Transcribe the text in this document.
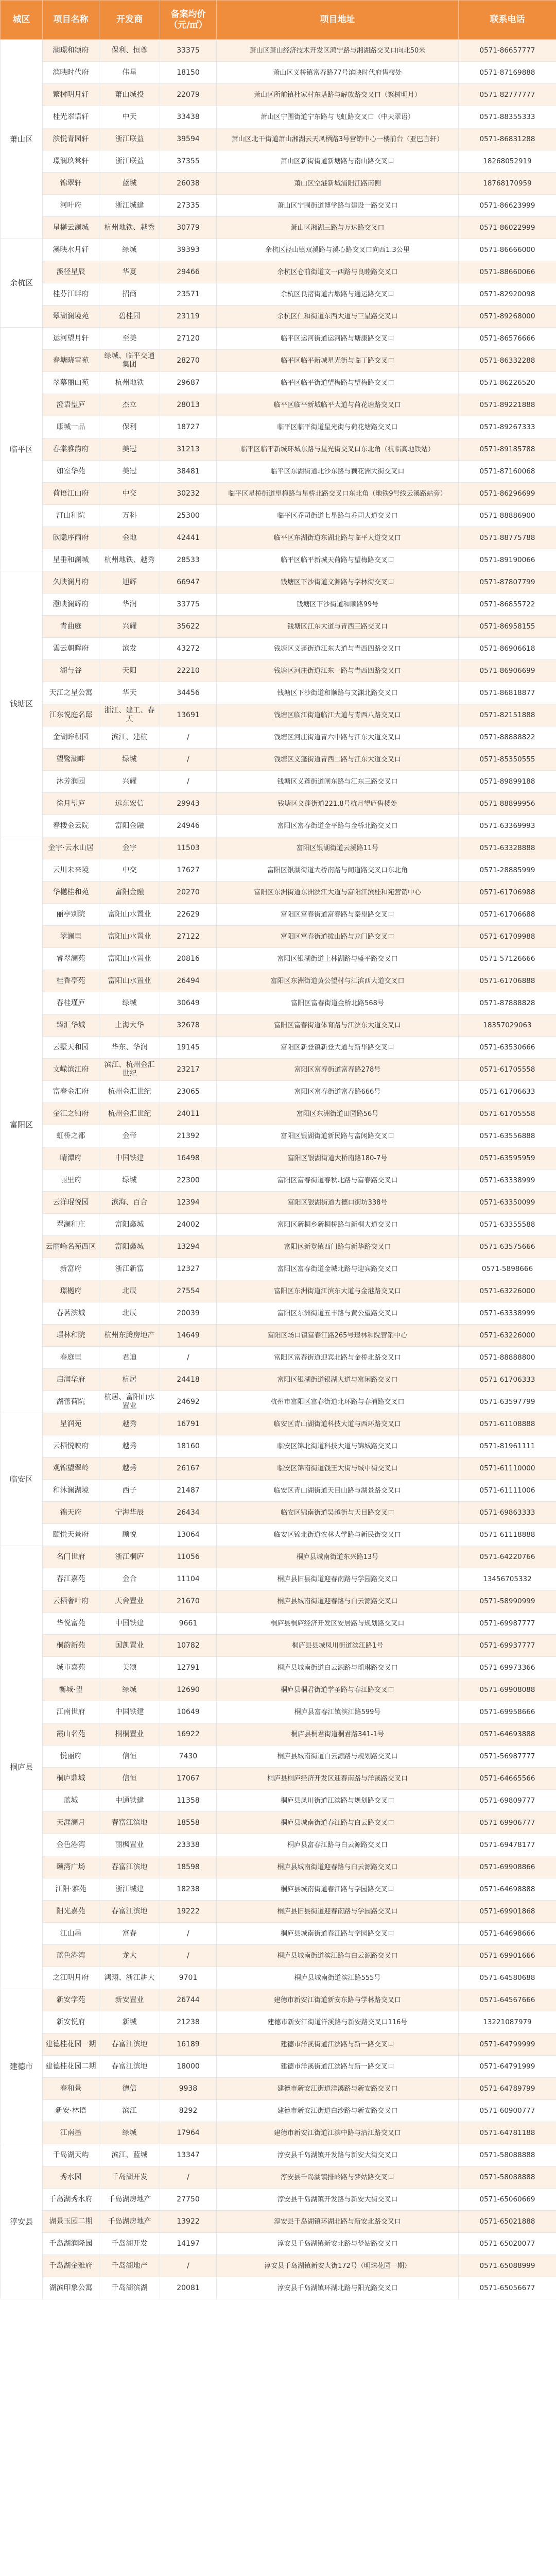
城区	项目名称	开发商	备案均价（元/㎡）	项目地址	联系电话
萧山区	湖璟和颂府	保利、恒尊	33375	萧山区萧山经济技术开发区鸿宁路与湘湖路交叉口向北50米	0571-86657777
	滨映时代府	伟星	18150	萧山区义桥镇富春路77号滨映时代府售楼处	0571-87169888
	繁树明月轩	萧山城投	22079	萧山区所前镇杜家村东塔路与解放路交叉口（繁树明月）	0571-82777777
	桂光翠语轩	中天	33438	萧山区宁围街道宁东路与飞虹路交叉口（中天翠语）	0571-88355333
	滨悦青园轩	浙江联益	39594	萧山区北干街道萧山湘湖云天凤栖路3号营销中心一楼前台（亚巴言轩）	0571-86831288
	璟澜玖棠轩	浙江联益	37355	萧山区新街街道新塘路与南山路交叉口	18268052919
	锦翠轩	蓝城	26038	萧山区空港新城浦阳江路南侧	18768170959
	河叶府	浙江城建	27335	萧山区宁围街道博学路与建设一路交叉口	0571-86623999
	星樾云澜城	杭州地铁、越秀	30779	萧山区湘湖三路与万达路交叉口	0571-86022999
余杭区	溪映水月轩	绿城	39393	余杭区径山镇双溪路与溪心路交叉口向西1.3公里	0571-86666000
	溪径星辰	华夏	29466	余杭区仓前街道文一西路与良睦路交叉口	0571-88660066
	桂芬江畔府	招商	23571	余杭区良渚街道古墩路与通运路交叉口	0571-82920098
	翠湖澜境苑	碧桂园	23119	余杭区仁和街道东西大道与三星路交叉口	0571-89268000
临平区	运河望月轩	至美	27120	临平区运河街道运河路与塘康路交叉口	0571-86576666
	春塘晓雪苑	绿城、临平交通集团	28270	临平区临平新城星光街与临丁路交叉口	0571-86332288
	翠幕丽山苑	杭州地铁	29687	临平区临平街道望梅路与望梅路交叉口	0571-86226520
	澄语望庐	杰立	28013	临平区临平新城临平大道与荷花塘路交叉口	0571-89221888
	康城一品	保利	18727	临平区临平街道星光街与荷花塘路交叉口	0571-89267333
	春棠雅韵府	美冠	31213	临平区临平新城环城东路与星光街交叉口东北角（杭临高地铁站）	0571-89185788
	如室华苑	美冠	38481	临平区东湖街道北沙东路与藕花洲大街交叉口	0571-87160068
	荷语江山府	中交	30232	临平区星桥街道望梅路与星桥北路交叉口东北角（地铁9号线云溪路站旁）	0571-86296699
	汀山和院	万科	25300	临平区乔司街道七星路与乔司大道交叉口	0571-88886900
	欣隐序雨府	金地	42441	临平区东湖街道东湖北路与临平大道交叉口	0571-88775788
	星垂和澜城	杭州地铁、越秀	28533	临平区临平新城天荷路与望梅路交叉口	0571-89190066
钱塘区	久映澜月府	旭辉	66947	钱塘区下沙街道文渊路与学林街交叉口	0571-87807799
	澄映澜辉府	华润	33775	钱塘区下沙街道和顺路99号	0571-86855722
	青曲庭	兴耀	35622	钱塘区江东大道与青西三路交叉口	0571-86958155
	雲云朝晖府	滨发	43272	钱塘区义蓬街道江东大道与青西四路交叉口	0571-86906618
	湖与谷	天阳	22210	钱塘区河庄街道江东一路与青西四路交叉口	0571-86906699
	天江之星公寓	华天	34456	钱塘区下沙街道和顺路与文渊北路交叉口	0571-86818877
	江东悦庭名邸	浙江、建工、春天	13691	钱塘区临江街道临江大道与青西八路交叉口	0571-82151888
	金湖眸积园	滨江、建杭	/	钱塘区河庄街道青六中路与江东大道交叉口	0571-88888822
	望鹭湖畔	绿城	/	钱塘区义蓬街道青西二路与江东大道交叉口	0571-85350555
	沐芳润园	兴耀	/	钱塘区义蓬街道闸东路与江东三路交叉口	0571-89899188
	徐月望庐	远东宏信	29943	钱塘区义蓬街道221.8号杭月望庐售楼处	0571-88899956
	春楼金云院	富阳金融	24946	富阳区富春街道金平路与金桥北路交叉口	0571-63369993
富阳区	金宇·云水山居	金宇	11503	富阳区银湖街道云溪路11号	0571-63328888
	云川未来境	中交	17627	富阳区银湖街道大桥南路与闻道路交叉口东北角	0571-28885999
	华樾桂和苑	富阳金融	20270	富阳区东洲街道东洲滨江大道与富阳江滨桂和苑营销中心	0571-61706988
	丽亭别院	富阳山水置业	22629	富阳区富春街道富春路与秦望路交叉口	0571-61706688
	翠澜里	富阳山水置业	27122	富阳区富春街道拔山路与龙门路交叉口	0571-61709988
	睿翠澜苑	富阳山水置业	20816	富阳区银湖街道上林湖路与盛平路交叉口	0571-57126666
	桂香亭苑	富阳山水置业	26494	富阳区东洲街道黄公望村与江滨西大道交叉口	0571-61706888
	春桂瑾庐	绿城	30649	富阳区富春街道金桥北路568号	0571-87888828
	臻汇华城	上海大华	32678	富阳区富春街道体育路与江滨东大道交叉口	18357029063
	云墅天和园	华东、华润	19145	富阳区新登镇新登大道与新华路交叉口	0571-63530666
	文嵘滨江府	滨江、杭州金汇世纪	23217	富阳区富春街道富春路278号	0571-61705558
	富春金汇府	杭州金汇世纪	23065	富阳区富春街道富春路666号	0571-61706633
	金汇之铂府	杭州金汇世纪	24011	富阳区东洲街道田园路56号	0571-61705558
	虹桥之都	金帝	21392	富阳区银湖街道新民路与富闲路交叉口	0571-63556888
	晴潭府	中国铁建	16498	富阳区银湖街道大桥南路180-7号	0571-63595959
	丽里府	绿城	22300	富阳区富春街道春秋北路与富春路交叉口	0571-63338999
	云洋琨悦园	滨海、百合	12394	富阳区银湖街道力德口街坊338号	0571-63350099
	翠澜和庄	富阳鑫城	24002	富阳区新桐乡新桐桥路与新桐大道交叉口	0571-63355588
	云丽嶠名苑西区	富阳鑫城	13294	富阳区新登镇西门路与新华路交叉口	0571-63575666
	新富府	浙江新富	12327	富阳区富春街道金城北路与迎宾路交叉口	0571-5898666
	璟樾府	北辰	27554	富阳区东洲街道江滨东大道与金港路交叉口	0571-63226000
	春茗滨城	北辰	20039	富阳区东洲街道五丰路与黄公望路交叉口	0571-63338999
	璟林和院	杭州东腾房地产	14649	富阳区场口镇富春江路265号璟林和院营销中心	0571-63226000
	春庭里	君迪	/	富阳区富春街道迎宾北路与金桥北路交叉口	0571-88888800
	启润华府	杭居	24418	富阳区银湖街道银湖大道与富闲路交叉口	0571-61706333
	湖蕾荷院	杭居、富阳山水置业	24692	杭州市富阳区富春街道北环路与春浦路交叉口	0571-63597799
临安区	星润苑	越秀	16791	临安区青山湖街道科技大道与西环路交叉口	0571-61108888
	云栖悦映府	越秀	18160	临安区锦北街道科技大道与锦城路交叉口	0571-81961111
	观锦望翠岭	越秀	26167	临安区锦南街道钱王大街与城中街交叉口	0571-61110000
	和沐澜湖境	西子	21487	临安区青山湖街道天目山路与湖景路交叉口	0571-61111006
	锦天府	宁海华辰	26434	临安区锦南街道吴越街与天目路交叉口	0571-69863333
	颐悦天景府	顾悦	13064	临安区锦北街道农林大学路与新民街交叉口	0571-61118888
桐庐县	名门世府	浙江桐庐	11056	桐庐县城南街道东兴路13号	0571-64220766
	春江嘉苑	金合	11104	桐庐县旧县街道迎春南路与学园路交叉口	13456705332
	云栖奢叶府	天舍置业	21670	桐庐县城南街道迎春路与白云源路交叉口	0571-58990999
	华悦富苑	中国铁建	9661	桐庐县桐庐经济开发区安居路与规划路交叉口	0571-69987777
	桐韵新苑	国凯置业	10782	桐庐县县城凤川街道滨江路1号	0571-69937777
	城市嘉苑	美颂	12791	桐庐县城南街道白云源路与瑶琳路交叉口	0571-69973366
	衡城·望	绿城	12690	桐庐县桐君街道学圣路与春江路交叉口	0571-69908088
	江南世府	中国铁建	10649	桐庐县富春江镇滨江路599号	0571-69958666
	霞山名苑	桐桐置业	16922	桐庐县桐君街道桐君路341-1号	0571-64693888
	悦丽府	信恒	7430	桐庐县城南街道白云源路与规划路交叉口	0571-56987777
	桐庐鼎城	信恒	17067	桐庐县桐庐经济开发区迎春南路与洋溪路交叉口	0571-64665566
	蓝城	中通铁建	11358	桐庐县凤川街道江滨路与规划路交叉口	0571-69809777
	天涯澜月	春富江滨地	18558	桐庐县城南街道春江路与白云路交叉口	0571-69906777
	金色港湾	丽枫置业	23338	桐庐县富春江路与白云源路交叉口	0571-69478177
	颐湾广场	春富江滨地	18598	桐庐县城南街道迎春路与白云源路交叉口	0571-69908866
	江阳·雅苑	浙江城建	18238	桐庐县城南街道春江路与学园路交叉口	0571-64698888
	阳光嘉苑	春富江滨地	19222	桐庐县旧县街道迎春南路与学园路交叉口	0571-69901868
	江山墨	富春	/	桐庐县城南街道春江路与学园路交叉口	0571-64698666
	蓝色港湾	龙大	/	桐庐县城南街道滨江路与白云源路交叉口	0571-69901666
	之江明月府	鸿翔、浙江耕大	9701	桐庐县城南街道滨江路555号	0571-64580688
建德市	新安学苑	新安置业	26744	建德市新安江街道新安东路与学林路交叉口	0571-64567666
	新安悦府	新城	21238	建德市新安江街道洋溪路与新安路交叉口116号	13221087979
	建德桂花园一期	春富江滨地	16189	建德市洋溪街道江滨路与新一路交叉口	0571-64799999
	建德桂花园二期	春富江滨地	18000	建德市洋溪街道江滨路与新一路交叉口	0571-64791999
	春和景	德信	9938	建德市新安江街道洋溪路与新安路交叉口	0571-64789799
	新安·林语	滨江	8292	建德市新安江街道白沙路与新安路交叉口	0571-60900777
	江南墨	绿城	17964	建德市新安江街道江滨中路与沿江路交叉口	0571-64781188
淳安县	千岛湖天屿	滨江、蓝城	13347	淳安县千岛湖镇开发路与新安大街交叉口	0571-58088888
	秀水园	千岛湖开发	/	淳安县千岛湖镇排岭路与梦姑路交叉口	0571-58088888
	千岛湖秀水府	千岛湖房地产	27750	淳安县千岛湖镇开发路与新安大街交叉口	0571-65060669
	湖景玉园二期	千岛湖房地产	13922	淳安县千岛湖镇环湖北路与新安北路交叉口	0571-65021888
	千岛湖润隆园	千岛湖开发	14197	淳安县千岛湖镇新安北路与梦姑路交叉口	0571-65020077
	千岛湖金雅府	千岛湖地产	/	淳安县千岛湖镇新安大街172号（明珠花园一期）	0571-65088999
	湖滨印象公寓	千岛湖滨湖	20081	淳安县千岛湖镇环湖北路与阳光路交叉口	0571-65056677
